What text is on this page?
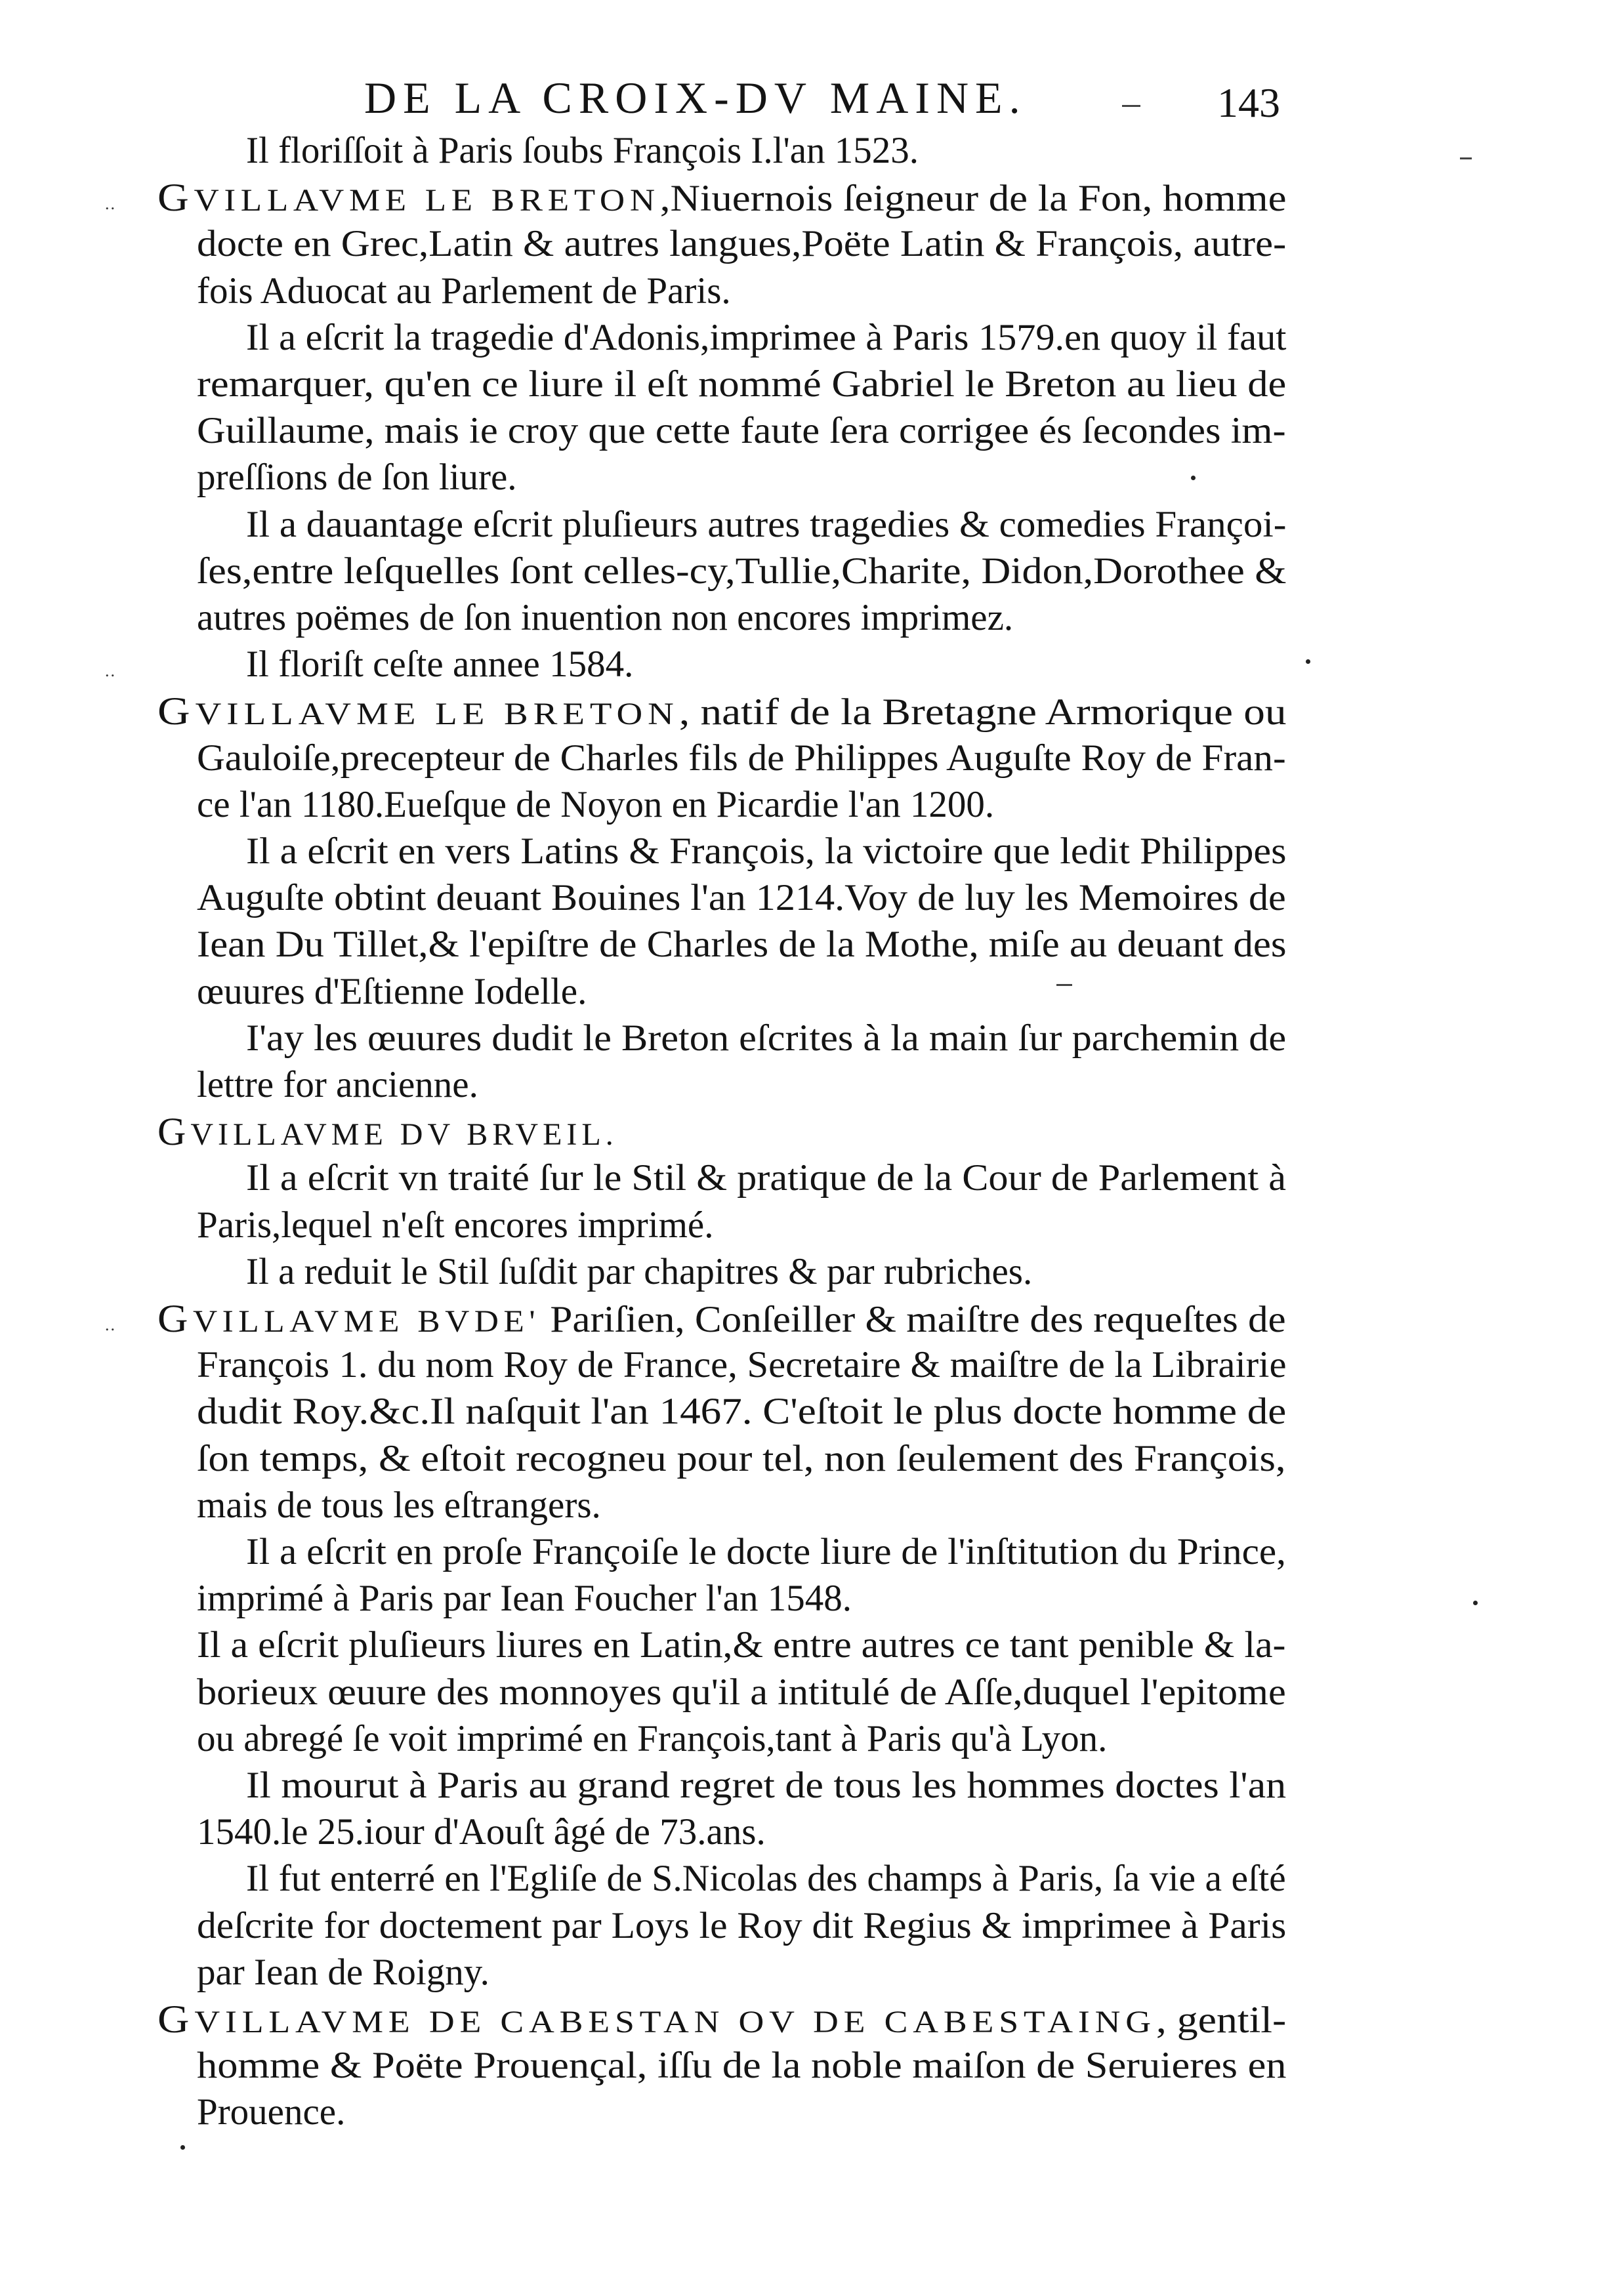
DE LA CROIX-DV MAINE.	143
Il floriſſoit à Paris ſoubs François I.l'an 1523.
GVILLAVME LE BRETON,Niuernois ſeigneur de la Fon, homme
docte en Grec,Latin & autres langues,Poëte Latin & François, autre-
fois Aduocat au Parlement de Paris.
Il a eſcrit la tragedie d'Adonis,imprimee à Paris 1579.en quoy il faut
remarquer, qu'en ce liure il eſt nommé Gabriel le Breton au lieu de
Guillaume, mais ie croy que cette faute ſera corrigee és ſecondes im-
preſſions de ſon liure.
Il a dauantage eſcrit pluſieurs autres tragedies & comedies Françoi-
ſes,entre leſquelles ſont celles-cy,Tullie,Charite, Didon,Dorothee &
autres poëmes de ſon inuention non encores imprimez.
Il floriſt ceſte annee 1584.
GVILLAVME LE BRETON, natif de la Bretagne Armorique ou
Gauloiſe,precepteur de Charles fils de Philippes Auguſte Roy de Fran-
ce l'an 1180.Eueſque de Noyon en Picardie l'an 1200.
Il a eſcrit en vers Latins & François, la victoire que ledit Philippes
Auguſte obtint deuant Bouines l'an 1214.Voy de luy les Memoires de
Iean Du Tillet,& l'epiſtre de Charles de la Mothe, miſe au deuant des
œuures d'Eſtienne Iodelle.
I'ay les œuures dudit le Breton eſcrites à la main ſur parchemin de
lettre for ancienne.
GVILLAVME DV BRVEIL.
Il a eſcrit vn traité ſur le Stil & pratique de la Cour de Parlement à
Paris,lequel n'eſt encores imprimé.
Il a reduit le Stil ſuſdit par chapitres & par rubriches.
GVILLAVME BVDE' Pariſien, Conſeiller & maiſtre des requeſtes de
François 1. du nom Roy de France, Secretaire & maiſtre de la Librairie
dudit Roy.&c.Il naſquit l'an 1467. C'eſtoit le plus docte homme de
ſon temps, & eſtoit recogneu pour tel, non ſeulement des François,
mais de tous les eſtrangers.
Il a eſcrit en proſe Françoiſe le docte liure de l'inſtitution du Prince,
imprimé à Paris par Iean Foucher l'an 1548.
Il a eſcrit pluſieurs liures en Latin,& entre autres ce tant penible & la-
borieux œuure des monnoyes qu'il a intitulé de Aſſe,duquel l'epitome
ou abregé ſe voit imprimé en François,tant à Paris qu'à Lyon.
Il mourut à Paris au grand regret de tous les hommes doctes l'an
1540.le 25.iour d'Aouſt âgé de 73.ans.
Il fut enterré en l'Egliſe de S.Nicolas des champs à Paris, ſa vie a eſté
deſcrite for doctement par Loys le Roy dit Regius & imprimee à Paris
par Iean de Roigny.
GVILLAVME DE CABESTAN OV DE CABESTAING, gentil-
homme & Poëte Prouençal, iſſu de la noble maiſon de Seruieres en
Prouence.
..
..
..
